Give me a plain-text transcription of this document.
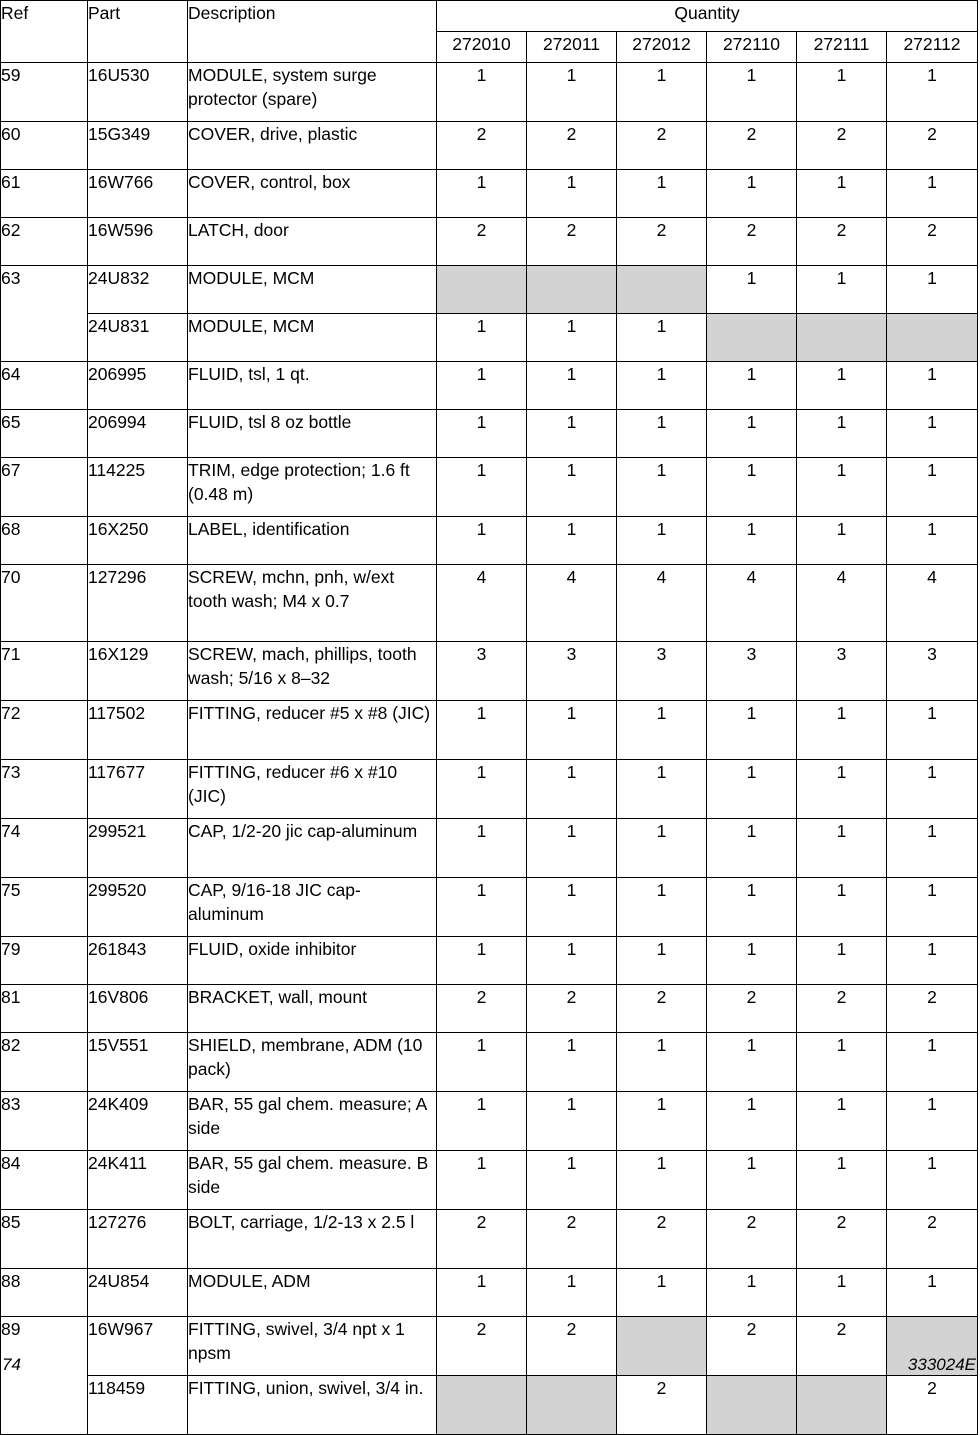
Ref	Part	Description	Quantity					
			272010	272011	272012	272110	272111	272112
59	16U530	MODULE, system surge protector (spare)	1	1	1	1	1	1
60	15G349	COVER, drive, plastic	2	2	2	2	2	2
61	16W766	COVER, control, box	1	1	1	1	1	1
62	16W596	LATCH, door	2	2	2	2	2	2
63	24U832	MODULE, MCM				1	1	1
	24U831	MODULE, MCM	1	1	1			
64	206995	FLUID, tsl, 1 qt.	1	1	1	1	1	1
65	206994	FLUID, tsl 8 oz bottle	1	1	1	1	1	1
67	114225	TRIM, edge protection; 1.6 ft (0.48 m)	1	1	1	1	1	1
68	16X250	LABEL, identification	1	1	1	1	1	1
70	127296	SCREW, mchn, pnh, w/ext tooth wash; M4 x 0.7	4	4	4	4	4	4
71	16X129	SCREW, mach, phillips, tooth wash; 5/16 x 8–32	3	3	3	3	3	3
72	117502	FITTING, reducer #5 x #8 (JIC)	1	1	1	1	1	1
73	117677	FITTING, reducer #6 x #10 (JIC)	1	1	1	1	1	1
74	299521	CAP, 1/2-20 jic cap-aluminum	1	1	1	1	1	1
75	299520	CAP, 9/16-18 JIC cap-aluminum	1	1	1	1	1	1
79	261843	FLUID, oxide inhibitor	1	1	1	1	1	1
81	16V806	BRACKET, wall, mount	2	2	2	2	2	2
82	15V551	SHIELD, membrane, ADM (10 pack)	1	1	1	1	1	1
83	24K409	BAR, 55 gal chem. measure; A side	1	1	1	1	1	1
84	24K411	BAR, 55 gal chem. measure. B side	1	1	1	1	1	1
85	127276	BOLT, carriage, 1/2-13 x 2.5 l	2	2	2	2	2	2
88	24U854	MODULE, ADM	1	1	1	1	1	1
89	16W967	FITTING, swivel, 3/4 npt x 1 npsm	2	2		2	2	
	118459	FITTING, union, swivel, 3/4 in.			2			2
74	333024E
